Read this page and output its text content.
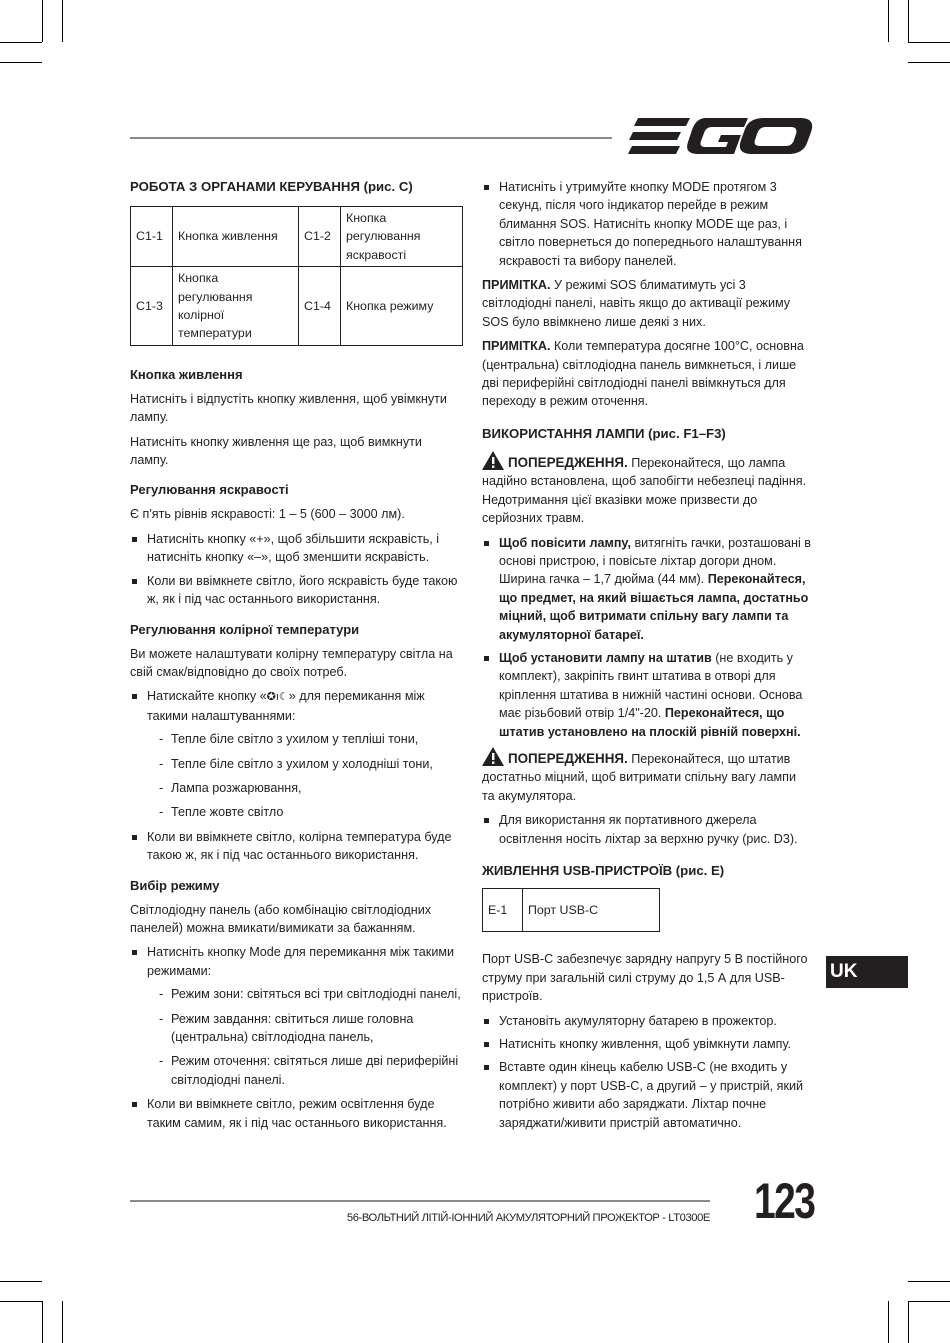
РОБОТА З ОРГАНАМИ КЕРУВАННЯ (рис. C)
C1-1	Кнопка живлення	C1-2	Кнопка регулювання яскравості
C1-3	Кнопка регулювання колірної температури	C1-4	Кнопка режиму
Кнопка живлення

Натисніть і відпустіть кнопку живлення, щоб увімкнути лампу.

Натисніть кнопку живлення ще раз, щоб вимкнути лампу.

Регулювання яскравості

Є п'ять рівнів яскравості: 1 – 5 (600 – 3000 лм).

Натисніть кнопку «+», щоб збільшити яскравість, і натисніть кнопку «–», щоб зменшити яскравість.
Коли ви ввімкнете світло, його яскравість буде такою ж, як і під час останнього використання.
Регулювання колірної температури

Ви можете налаштувати колірну температуру світла на свій смак/відповідно до своїх потреб.

Натискайте кнопку «✪ı☾» для перемикання між такими налаштуваннями:
- Тепле біле світло з ухилом у тепліші тони,
- Тепле біле світло з ухилом у холодніші тони,
- Лампа розжарювання,
- Тепле жовте світло
Коли ви ввімкнете світло, колірна температура буде такою ж, як і під час останнього використання.
Вибір режиму

Світлодіодну панель (або комбінацію світлодіодних панелей) можна вмикати/вимикати за бажанням.

Натисніть кнопку Mode для перемикання між такими режимами:
- Режим зони: світяться всі три світлодіодні панелі,
- Режим завдання: світиться лише головна (центральна) світлодіодна панель,
- Режим оточення: світяться лише дві периферійні світлодіодні панелі.
Коли ви ввімкнете світло, режим освітлення буде таким самим, як і під час останнього використання.
Натисніть і утримуйте кнопку MODE протягом 3 секунд, після чого індикатор перейде в режим блимання SOS. Натисніть кнопку MODE ще раз, і світло повернеться до попереднього налаштування яскравості та вибору панелей.

ПРИМІТКА. У режимі SOS блиматимуть усі 3 світлодіодні панелі, навіть якщо до активації режиму SOS було ввімкнено лише деякі з них.

ПРИМІТКА. Коли температура досягне 100°C, основна (центральна) світлодіодна панель вимкнеться, і лише дві периферійні світлодіодні панелі ввімкнуться для переходу в режим оточення.

ВИКОРИСТАННЯ ЛАМПИ (рис. F1–F3)

ПОПЕРЕДЖЕННЯ. Переконайтеся, що лампа надійно встановлена, щоб запобігти небезпеці падіння. Недотримання цієї вказівки може призвести до серйозних травм.

Щоб повісити лампу, витягніть гачки, розташовані в основі пристрою, і повісьте ліхтар догори дном. Ширина гачка – 1,7 дюйма (44 мм). Переконайтеся, що предмет, на який вішається лампа, достатньо міцний, щоб витримати спільну вагу лампи та акумуляторної батареї.
Щоб установити лампу на штатив (не входить у комплект), закріпіть гвинт штатива в отворі для кріплення штатива в нижній частині основи. Основа має різьбовий отвір 1/4"-20. Переконайтеся, що штатив установлено на плоскій рівній поверхні.

ПОПЕРЕДЖЕННЯ. Переконайтеся, що штатив достатньо міцний, щоб витримати спільну вагу лампи та акумулятора.

Для використання як портативного джерела освітлення носіть ліхтар за верхню ручку (рис. D3).
ЖИВЛЕННЯ USB-ПРИСТРОЇВ (рис. E)
E-1	Порт USB-C

Порт USB-C забезпечує зарядну напругу 5 В постійного струму при загальній силі струму до 1,5 А для USB-пристроїв.

Установіть акумуляторну батарею в прожектор.
Натисніть кнопку живлення, щоб увімкнути лампу.
Вставте один кінець кабелю USB-C (не входить у комплект) у порт USB-C, а другий – у пристрій, який потрібно живити або заряджати. Ліхтар почне заряджати/живити пристрій автоматично.
UK
56-ВОЛЬТНИЙ ЛІТІЙ-ІОННИЙ АКУМУЛЯТОРНИЙ ПРОЖЕКТОР - LT0300E 123
